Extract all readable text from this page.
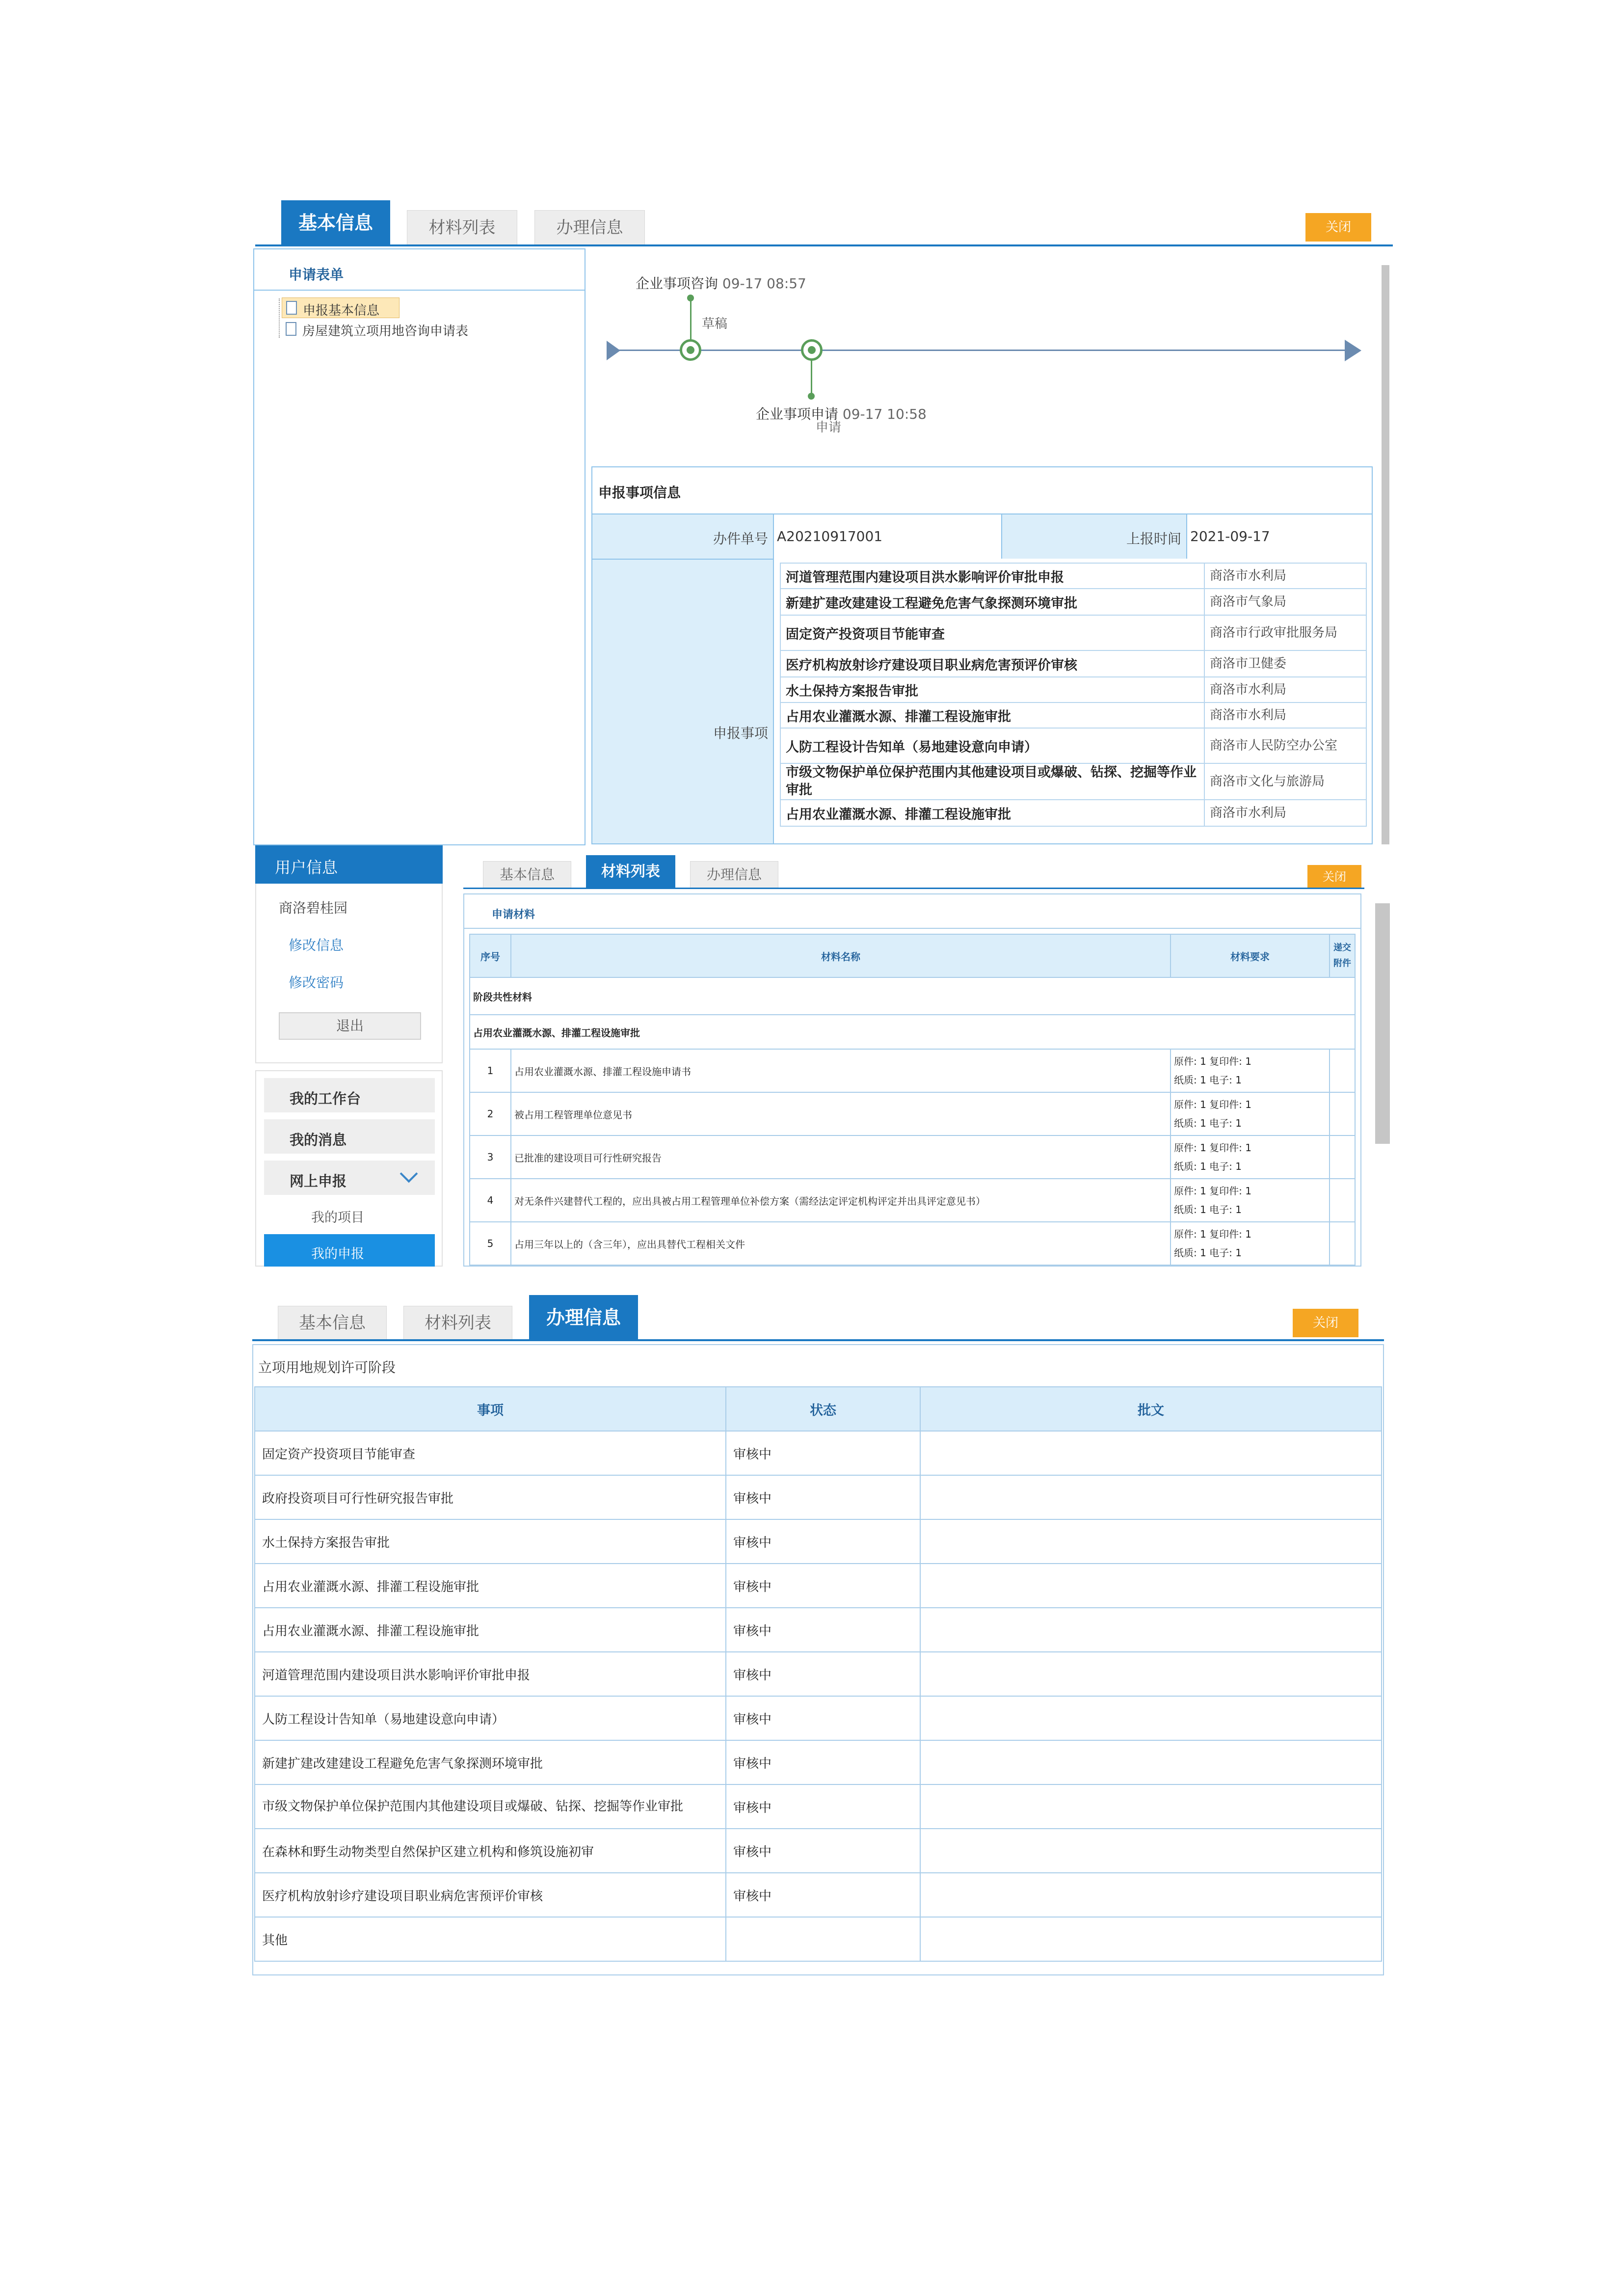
基本信息	材料列表	办理信息	关闭
申请表单
申报基本信息
房屋建筑立项用地咨询申请表
企业事项咨询 09-17 08:57
草稿
企业事项申请 09-17 10:58
申请
申报事项信息
办件单号 A20210917001	上报时间 2021-09-17
申报事项
河道管理范围内建设项目洪水影响评价审批申报	商洛市水利局
新建扩建改建建设工程避免危害气象探测环境审批	商洛市气象局
固定资产投资项目节能审查	商洛市行政审批服务局
医疗机构放射诊疗建设项目职业病危害预评价审核	商洛市卫健委
水土保持方案报告审批	商洛市水利局
占用农业灌溉水源、排灌工程设施审批	商洛市水利局
人防工程设计告知单（易地建设意向申请）	商洛市人民防空办公室
市级文物保护单位保护范围内其他建设项目或爆破、钻探、挖掘等作业审批	商洛市文化与旅游局
占用农业灌溉水源、排灌工程设施审批	商洛市水利局
用户信息
商洛碧桂园
修改信息
修改密码
退出
我的工作台
我的消息
网上申报
我的项目
我的申报
基本信息	材料列表	办理信息	关闭
申请材料
序号	材料名称	材料要求	递交附件
阶段共性材料			
占用农业灌溉水源、排灌工程设施审批			
1	占用农业灌溉水源、排灌工程设施申请书	原件: 1 复印件: 1
纸质: 1 电子: 1	

2	被占用工程管理单位意见书	原件: 1 复印件: 1
纸质: 1 电子: 1	

3	已批准的建设项目可行性研究报告	原件: 1 复印件: 1
纸质: 1 电子: 1	

4	对无条件兴建替代工程的，应出具被占用工程管理单位补偿方案（需经法定评定机构评定并出具评定意见书）	原件: 1 复印件: 1
纸质: 1 电子: 1	

5	占用三年以上的（含三年），应出具替代工程相关文件	原件: 1 复印件: 1
纸质: 1 电子: 1	

基本信息	材料列表	办理信息	关闭
立项用地规划许可阶段
事项	状态	批文
固定资产投资项目节能审查	审核中	
政府投资项目可行性研究报告审批	审核中	
水土保持方案报告审批	审核中	
占用农业灌溉水源、排灌工程设施审批	审核中	
占用农业灌溉水源、排灌工程设施审批	审核中	
河道管理范围内建设项目洪水影响评价审批申报	审核中	
人防工程设计告知单（易地建设意向申请）	审核中	
新建扩建改建建设工程避免危害气象探测环境审批	审核中	
市级文物保护单位保护范围内其他建设项目或爆破、钻探、挖掘等作业审批	审核中	
在森林和野生动物类型自然保护区建立机构和修筑设施初审	审核中	
医疗机构放射诊疗建设项目职业病危害预评价审核	审核中	
其他		
